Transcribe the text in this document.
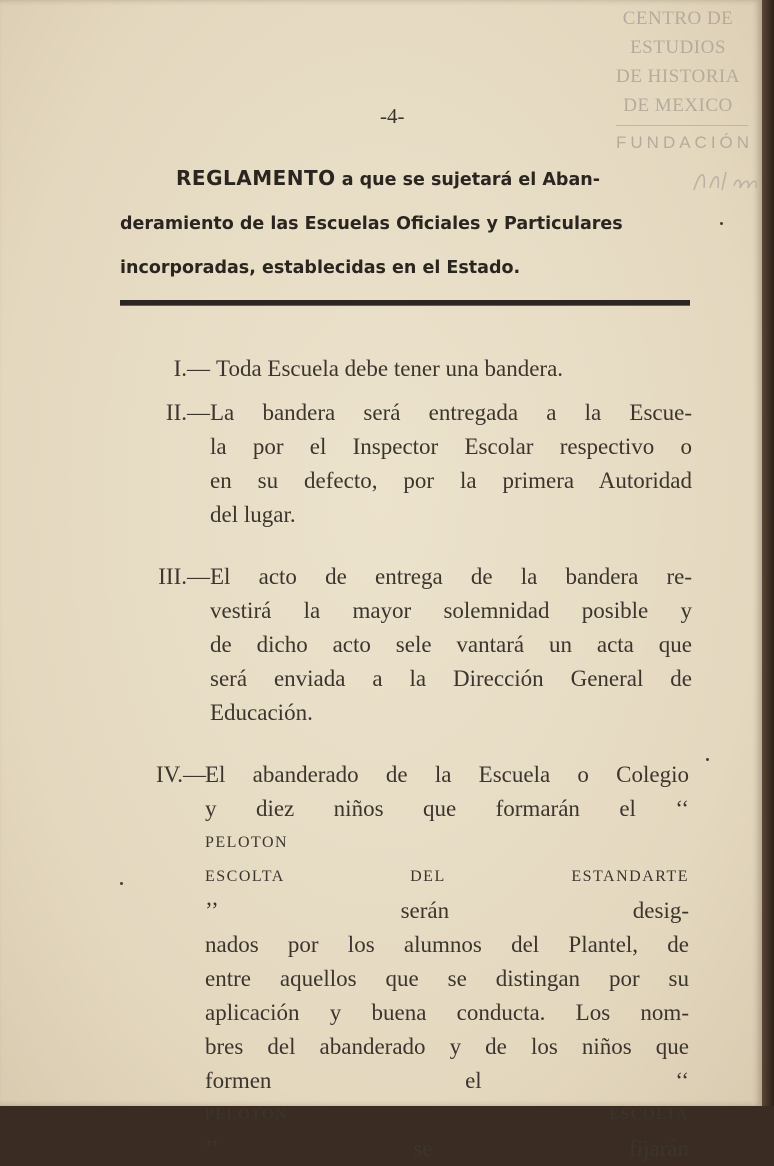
CENTRO DE
ESTUDIOS
DE HISTORIA
DE MEXICO
FUNDACIÓN
-4-
REGLAMENTO a que se sujetará el Aban-
deramiento de las Escuelas Oficiales y Particulares
incorporadas, establecidas en el Estado.
I.— Toda Escuela debe tener una bandera.
II.— La bandera será entregada a la Escue-
la por el Inspector Escolar respectivo o
en su defecto, por la primera Autoridad
del lugar.
III.— El acto de entrega de la bandera re-
vestirá la mayor solemnidad posible y
de dicho acto sele vantará un acta que
será enviada a la Dirección General de
Educación.
IV.— El abanderado de la Escuela o Colegio
y diez niños que formarán el ‘‘
PELOTON
ESCOLTA DEL ESTANDARTE
’’ serán desig-
nados por los alumnos del Plantel, de
entre aquellos que se distingan por su
aplicación y buena conducta. Los nom-
bres del abanderado y de los niños que
formen el ‘‘
PELOTON ESCOLTA
’’ se fijarán
